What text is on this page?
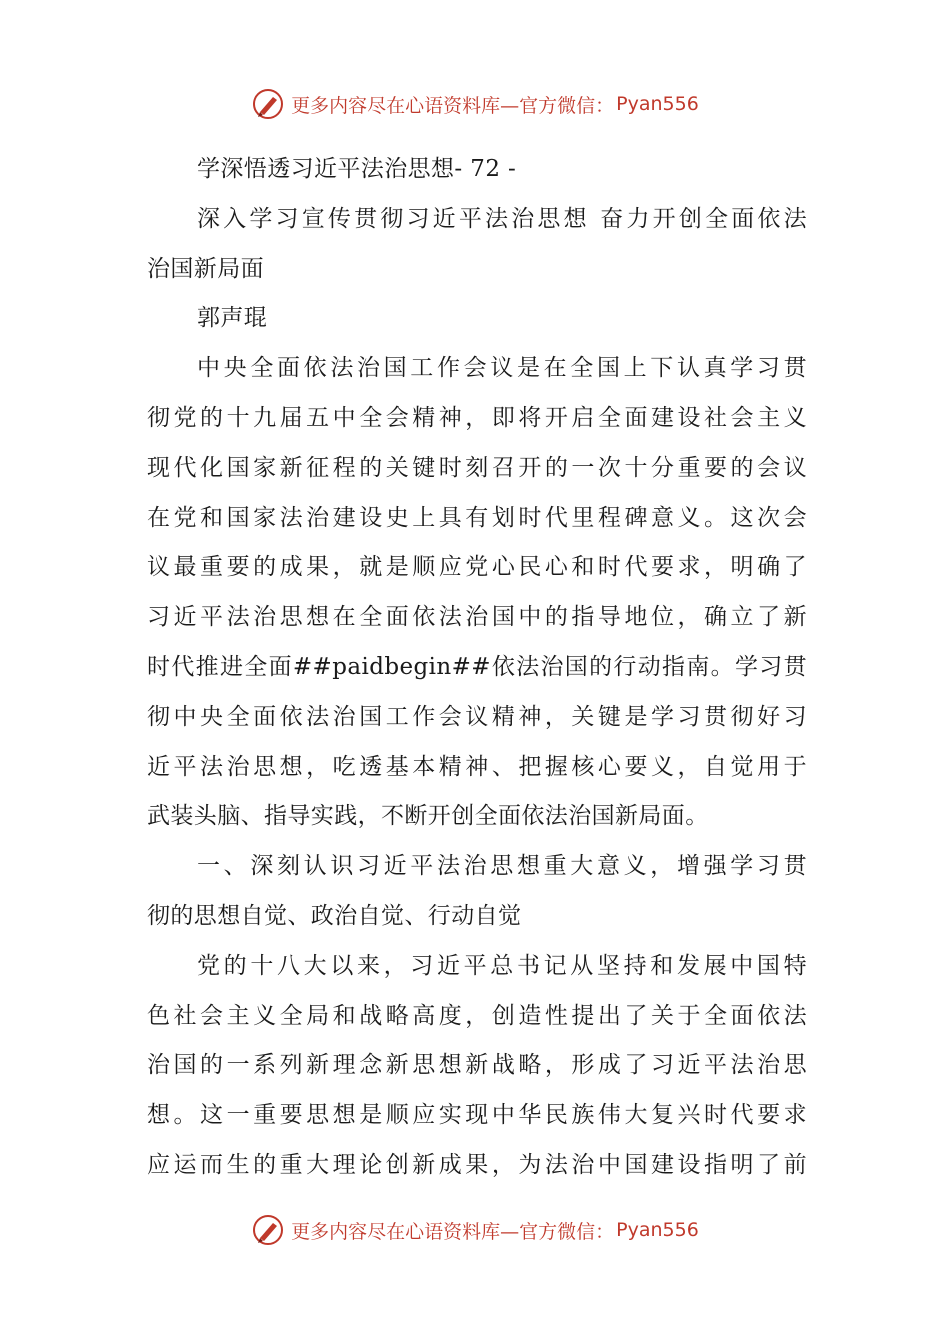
更多内容尽在心语资料库—官方微信： Pyan556
学深悟透习近平法治思想- 72 -
深入学习宣传贯彻习近平法治思想 奋力开创全面依法
治国新局面
郭声琨
中央全面依法治国工作会议是在全国上下认真学习贯
彻党的十九届五中全会精神，即将开启全面建设社会主义
现代化国家新征程的关键时刻召开的一次十分重要的会议
在党和国家法治建设史上具有划时代里程碑意义。这次会
议最重要的成果，就是顺应党心民心和时代要求，明确了
习近平法治思想在全面依法治国中的指导地位，确立了新
时代推进全面##paidbegin##依法治国的行动指南。学习贯
彻中央全面依法治国工作会议精神，关键是学习贯彻好习
近平法治思想，吃透基本精神、把握核心要义，自觉用于
武装头脑、指导实践，不断开创全面依法治国新局面。
一、深刻认识习近平法治思想重大意义，增强学习贯
彻的思想自觉、政治自觉、行动自觉
党的十八大以来，习近平总书记从坚持和发展中国特
色社会主义全局和战略高度，创造性提出了关于全面依法
治国的一系列新理念新思想新战略，形成了习近平法治思
想。这一重要思想是顺应实现中华民族伟大复兴时代要求
应运而生的重大理论创新成果，为法治中国建设指明了前
更多内容尽在心语资料库—官方微信： Pyan556
